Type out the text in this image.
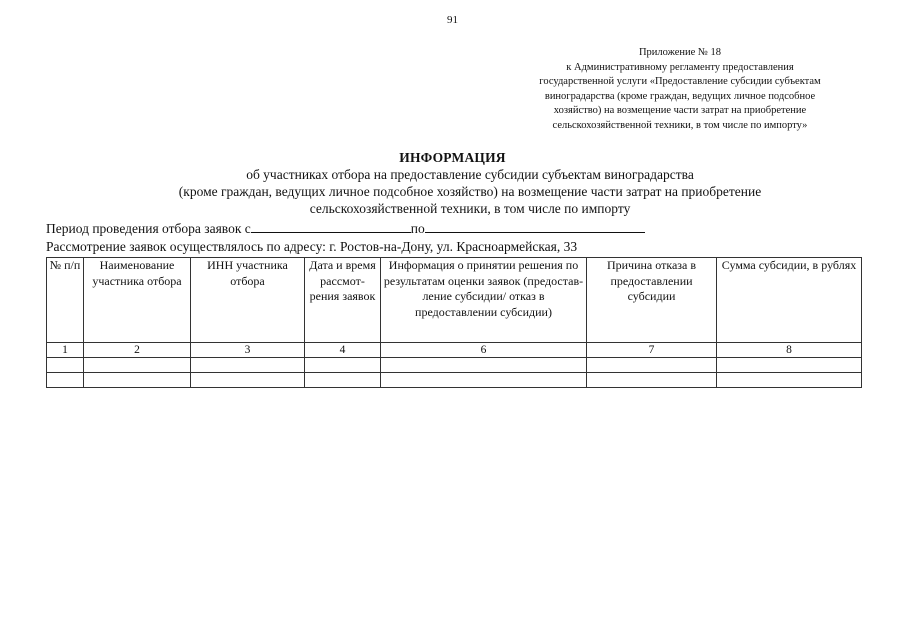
91
Приложение № 18
к Административному регламенту предоставления
государственной услуги «Предоставление субсидии субъектам
виноградарства (кроме граждан, ведущих личное подсобное
хозяйство) на возмещение части затрат на приобретение
сельскохозяйственной техники, в том числе по импорту»
ИНФОРМАЦИЯ
об участниках отбора на предоставление субсидии субъектам виноградарства
(кроме граждан, ведущих личное подсобное хозяйство) на возмещение части затрат на приобретение
сельскохозяйственной техники, в том числе по импорту
Период проведения отбора заявок с	по
Рассмотрение заявок осуществлялось по адресу: г. Ростов-на-Дону, ул. Красноармейская, 33
№ п/п	Наименование участника отбора	ИНН участника отбора	Дата и время рассмот-рения заявок	Информация о принятии решения по результатам оценки заявок (предостав-ление субсидии/ отказ в предоставлении субсидии)	Причина отказа в предоставлении субсидии	Сумма субсидии, в рублях
1	2	3	4	6	7	8
